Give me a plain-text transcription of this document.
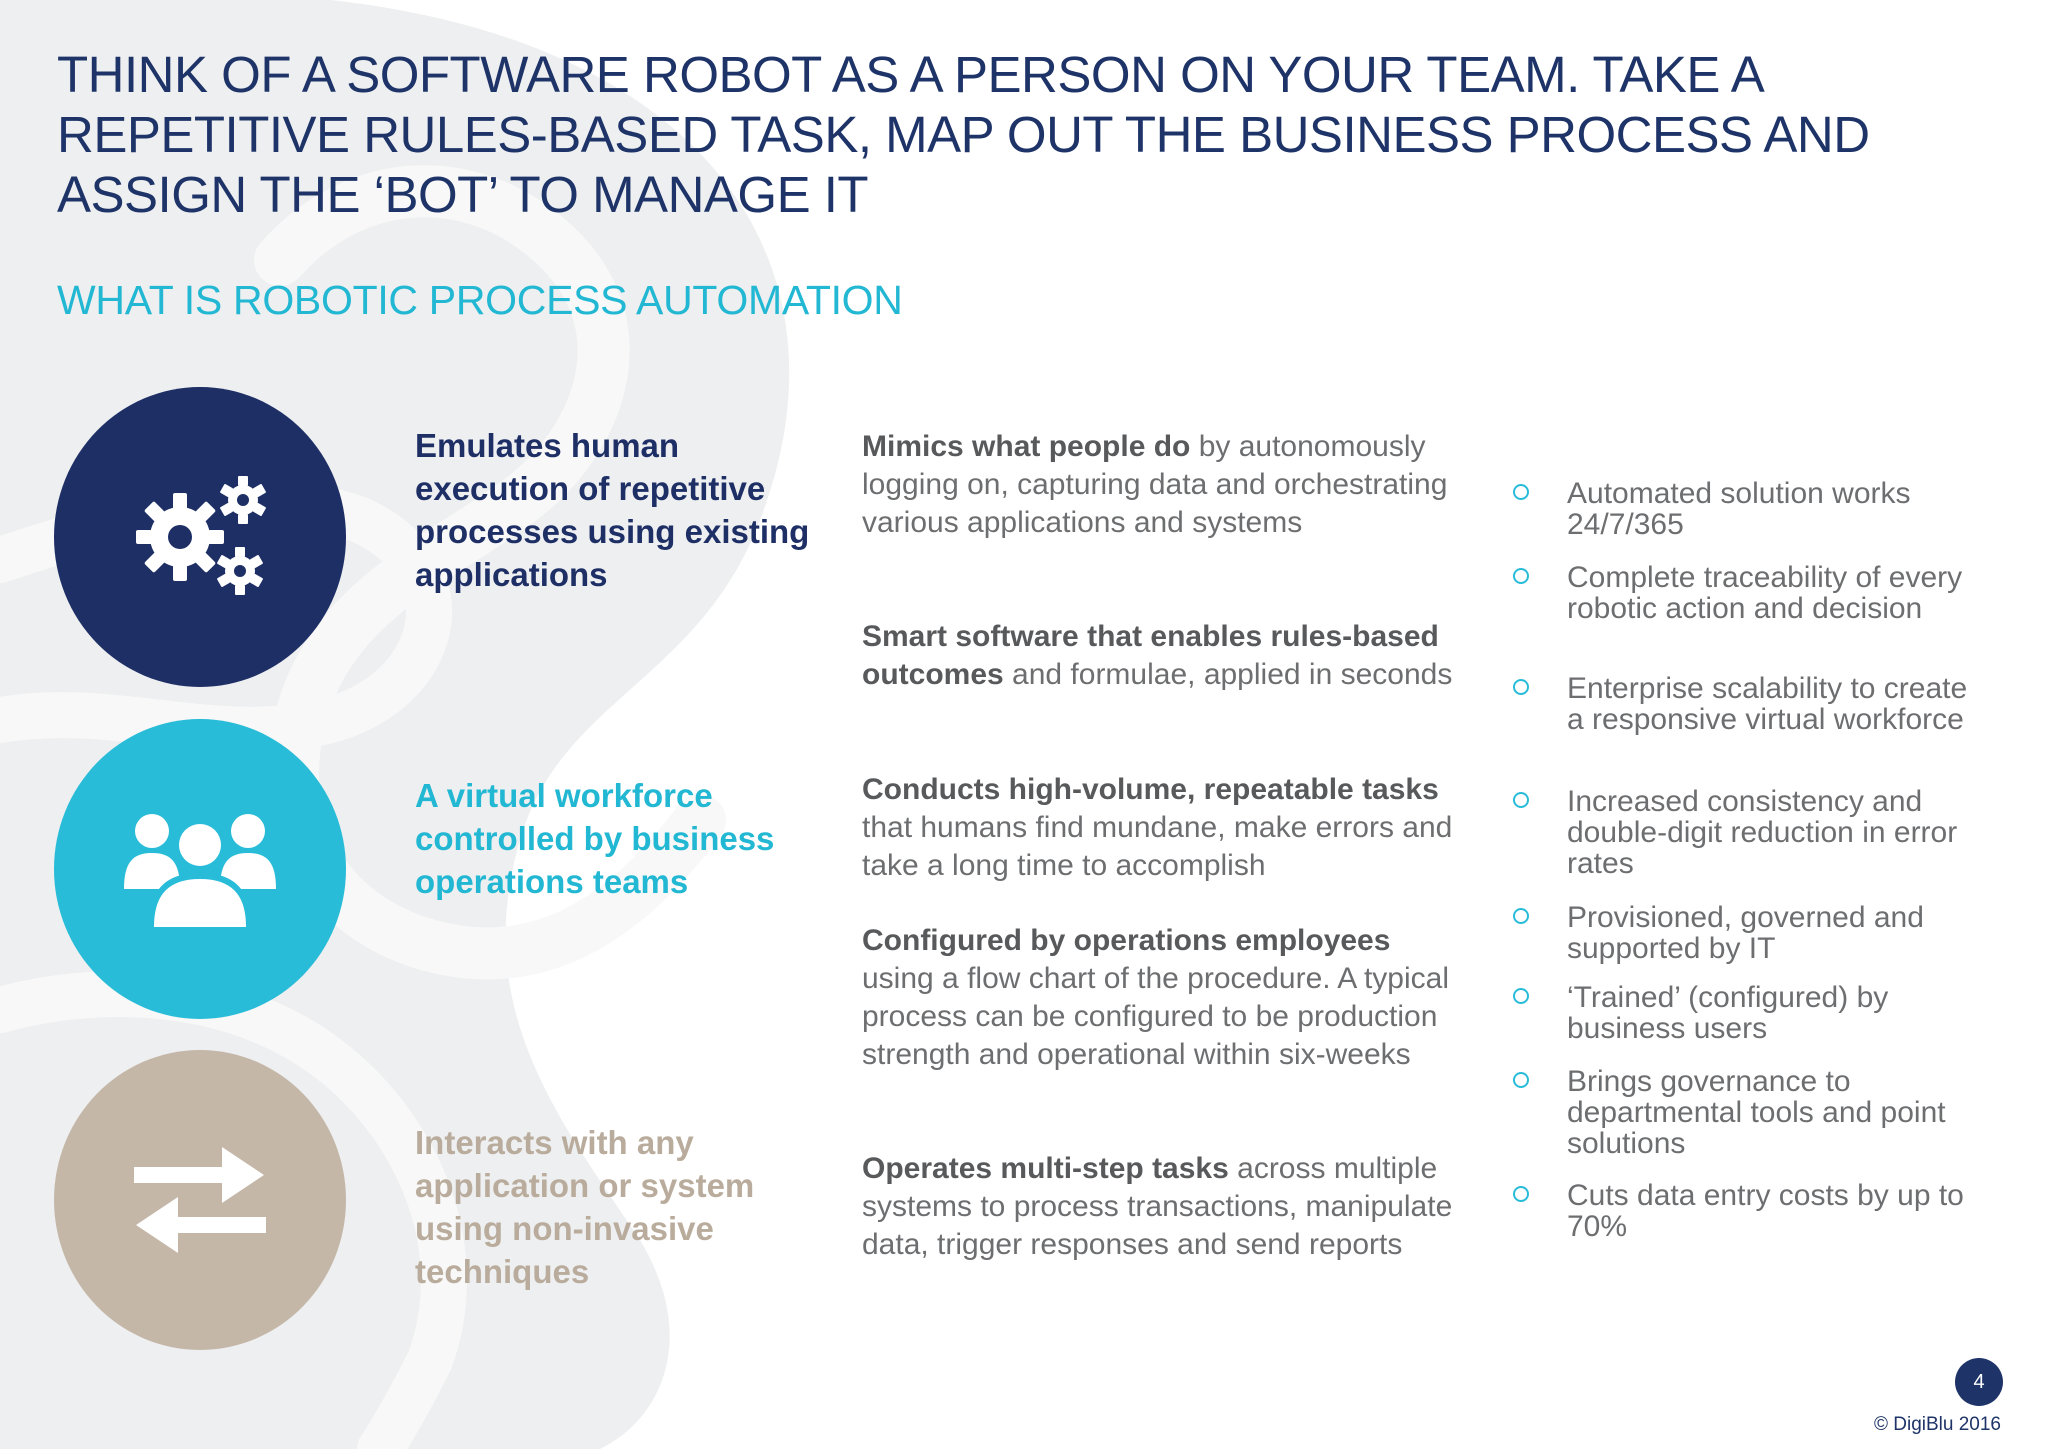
THINK OF A SOFTWARE ROBOT AS A PERSON ON YOUR TEAM. TAKE A REPETITIVE RULES-BASED TASK, MAP OUT THE BUSINESS PROCESS AND ASSIGN THE ‘BOT’ TO MANAGE IT
WHAT IS ROBOTIC PROCESS AUTOMATION

Emulates human execution of repetitive processes using existing applications

A virtual workforce controlled by business operations teams

Interacts with any application or system using non-invasive techniques

Mimics what people do by autonomously logging on, capturing data and orchestrating various applications and systems

Smart software that enables rules-based outcomes and formulae, applied in seconds

Conducts high-volume, repeatable tasks that humans find mundane, make errors and take a long time to accomplish

Configured by operations employees using a flow chart of the procedure. A typical process can be configured to be production strength and operational within six-weeks

Operates multi-step tasks across multiple systems to process transactions, manipulate data, trigger responses and send reports

Automated solution works 24/7/365
Complete traceability of every robotic action and decision
Enterprise scalability to create a responsive virtual workforce
Increased consistency and double-digit reduction in error rates
Provisioned, governed and supported by IT
‘Trained’ (configured) by business users
Brings governance to departmental tools and point solutions
Cuts data entry costs by up to 70%
4
© DigiBlu 2016
